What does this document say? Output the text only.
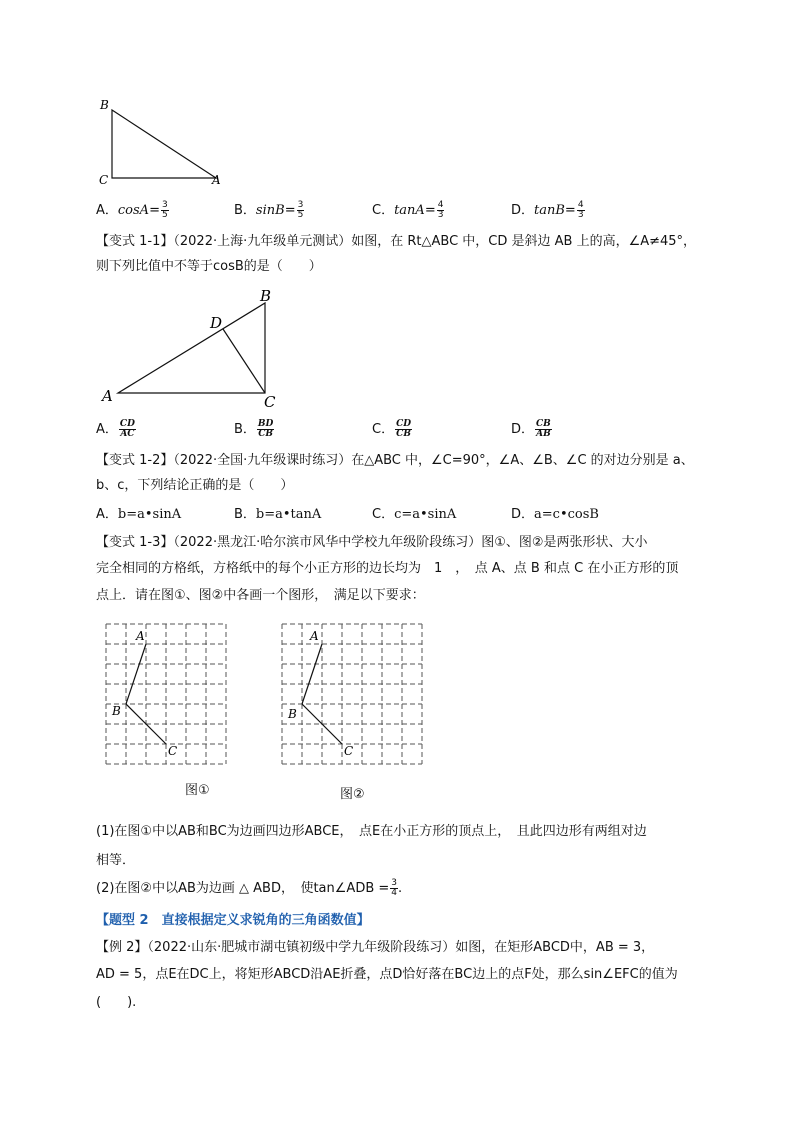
B
C	A
A．$\cos A= \frac{3}{5}$	B．$\sin B= \frac{3}{5}$	C．$\tan A= \frac{4}{3}$	D．$\tan B= \frac{4}{3}$
【变式 1-1】（2022·上海·九年级单元测试）如图，在 Rt△ABC 中，CD 是斜边 AB 上的高，∠A≠45°，
则下列比值中不等于cosB的是（　　）
B
D
A	C
A． $\frac{CD}{AC}$	B． $\frac{BD}{CB}$	C． $\frac{CD}{CB}$	D． $\frac{CB}{AB}$
【变式 1-2】（2022·全国·九年级课时练习）在△ABC 中，∠C=90°，∠A、∠B、∠C 的对边分别是 a、
b、c，下列结论正确的是（　　）
A．b=a•sinA	B．b=a•tanA	C．c=a•sinA	D．a=c•cosB
【变式 1-3】（2022·黑龙江·哈尔滨市风华中学校九年级阶段练习）图①、图②是两张形状、大小
完全相同的方格纸，方格纸中的每个小正方形的边长均为　1　，　点 A、点 B 和点 C 在小正方形的顶
点上．请在图①、图②中各画一个图形，　满足以下要求：
A
B
C
图①
A
B
C
图②
(1)在图①中以AB和BC为边画四边形ABCE，　点E在小正方形的顶点上，　且此四边形有两组对边
相等．
(2)在图②中以AB为边画 △ ABD，　使tan∠ADB = $\frac{3}{4}$ .
【题型 2　直接根据定义求锐角的三角函数值】
【例 2】（2022·山东·肥城市湖屯镇初级中学九年级阶段练习）如图，在矩形ABCD中，AB = 3，
AD = 5，点E在DC上，将矩形ABCD沿AE折叠，点D恰好落在BC边上的点F处，那么sin∠EFC的值为
(　　).
